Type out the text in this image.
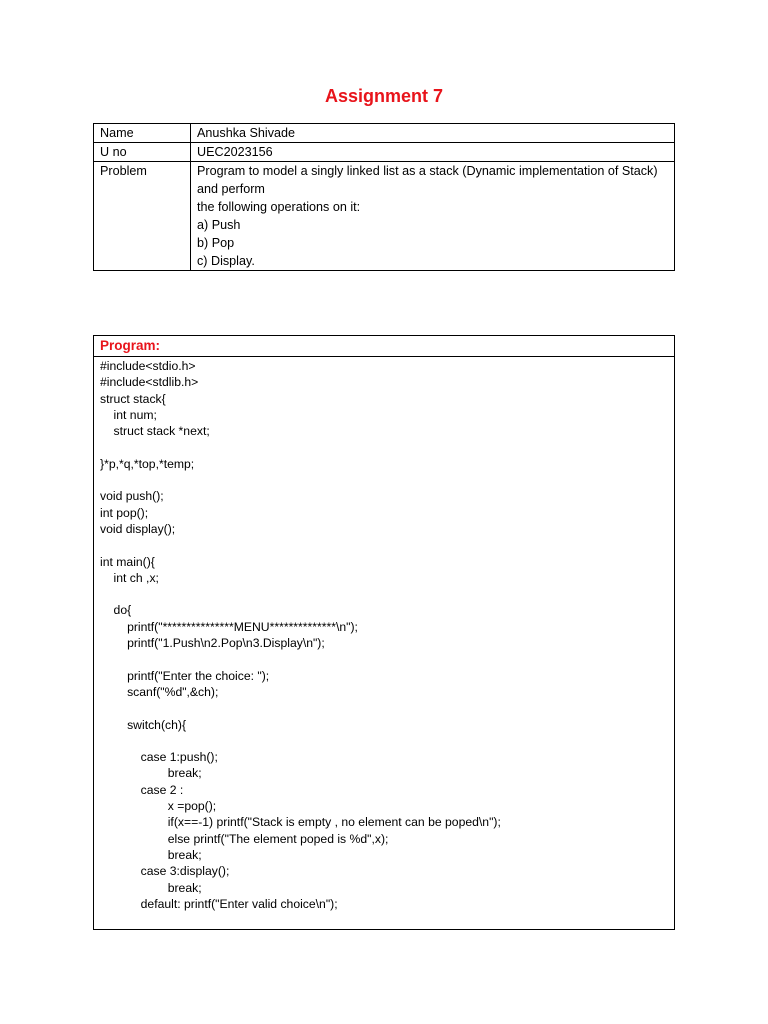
Assignment 7
Name	Anushka Shivade
U no	UEC2023156
Problem	Program to model a singly linked list as a stack (Dynamic implementation of Stack) and perform
the following operations on it:
a) Push
b) Pop
c) Display.
Program:
#include<stdio.h>
#include<stdlib.h>
struct stack{
int num;
struct stack *next;

}*p,*q,*top,*temp;

void push();
int pop();
void display();

int main(){
int ch ,x;

do{
printf("***************MENU**************\n");
printf("1.Push\n2.Pop\n3.Display\n");

printf("Enter the choice: ");
scanf("%d",&ch);

switch(ch){

case 1:push();
break;
case 2 :
x =pop();
if(x==-1) printf("Stack is empty , no element can be poped\n");
else printf("The element poped is %d",x);
break;
case 3:display();
break;
default: printf("Enter valid choice\n");
